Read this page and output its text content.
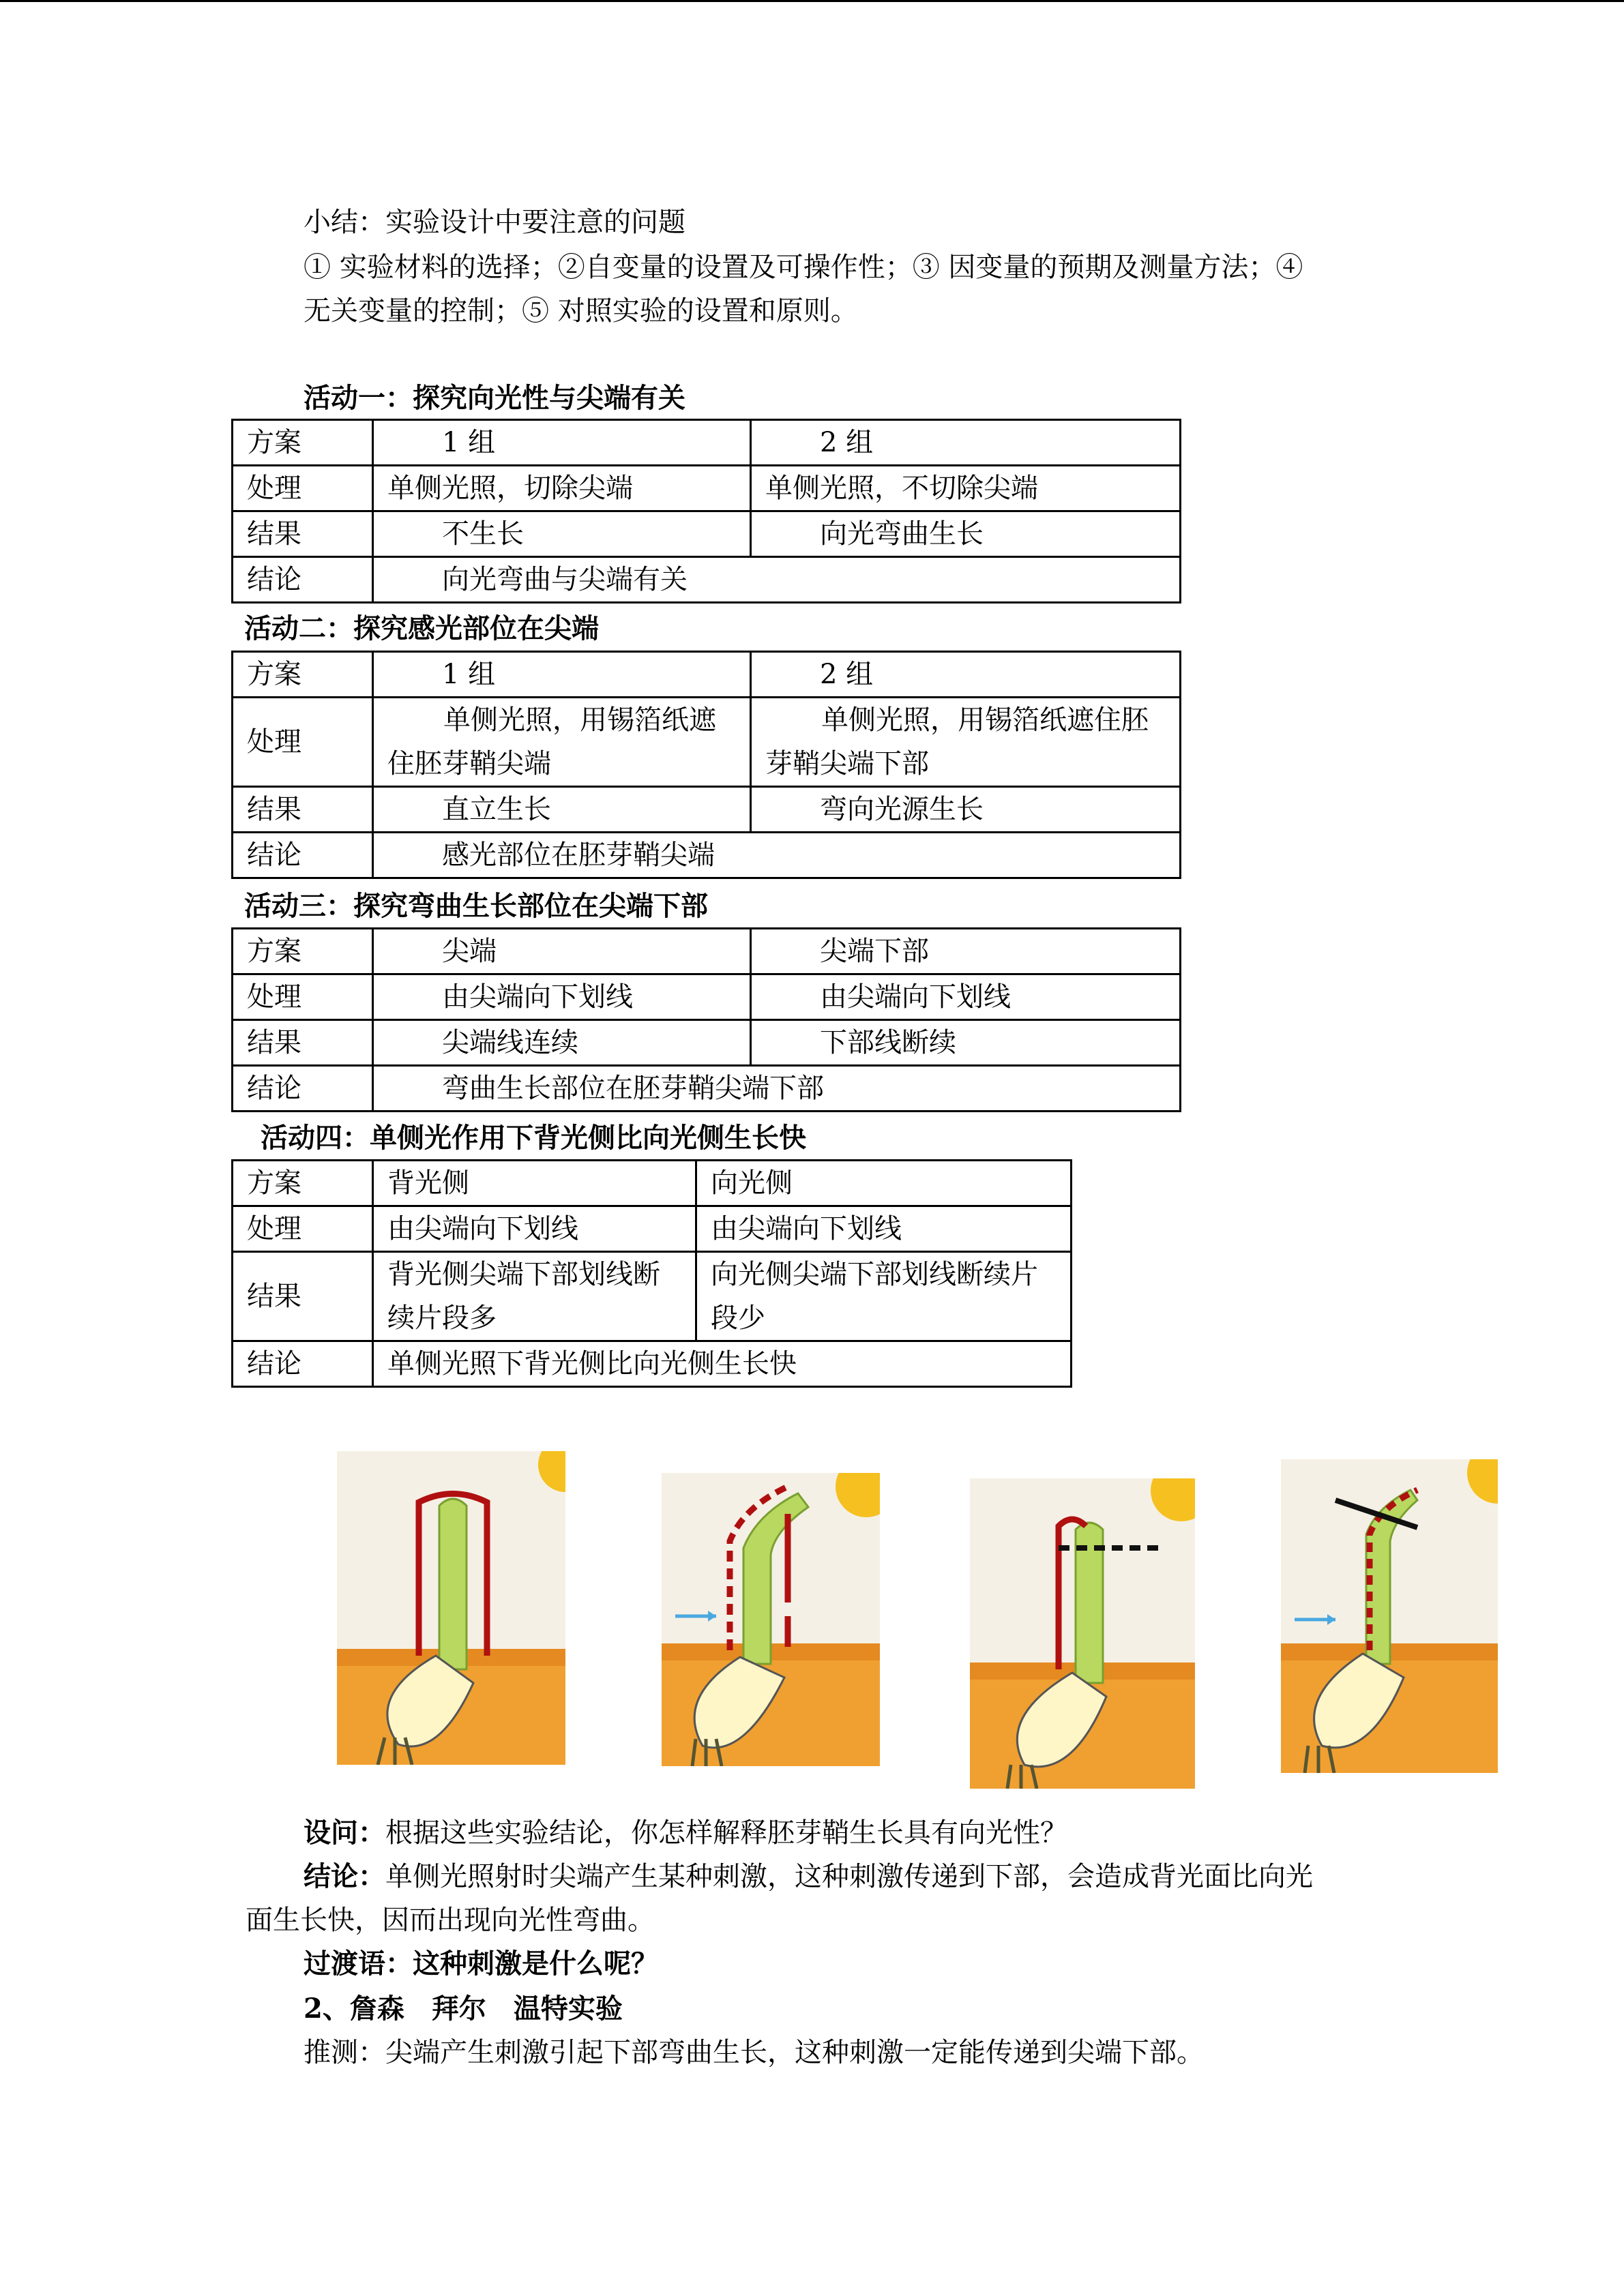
小结：实验设计中要注意的问题
① 实验材料的选择；②自变量的设置及可操作性；③ 因变量的预期及测量方法；④
无关变量的控制；⑤ 对照实验的设置和原则。
活动一：探究向光性与尖端有关
方案	1 组	2 组
处理	单侧光照，切除尖端	单侧光照，不切除尖端
结果	不生长	向光弯曲生长
结论	向光弯曲与尖端有关	
活动二：探究感光部位在尖端
方案	1 组	2 组
处理	单侧光照，用锡箔纸遮住胚芽鞘尖端	单侧光照，用锡箔纸遮住胚芽鞘尖端下部

结果	直立生长	弯向光源生长
结论	感光部位在胚芽鞘尖端	
活动三：探究弯曲生长部位在尖端下部
方案	尖端	尖端下部
处理	由尖端向下划线	由尖端向下划线
结果	尖端线连续	下部线断续
结论	弯曲生长部位在胚芽鞘尖端下部	
活动四：单侧光作用下背光侧比向光侧生长快
方案	背光侧	向光侧
处理	由尖端向下划线	由尖端向下划线
结果	背光侧尖端下部划线断续片段多	向光侧尖端下部划线断续片段少
结论	单侧光照下背光侧比向光侧生长快	
设问：根据这些实验结论，你怎样解释胚芽鞘生长具有向光性？
结论：单侧光照射时尖端产生某种刺激，这种刺激传递到下部，会造成背光面比向光
面生长快，因而出现向光性弯曲。
过渡语：这种刺激是什么呢？
2、詹森　拜尔　温特实验
推测：尖端产生刺激引起下部弯曲生长，这种刺激一定能传递到尖端下部。
